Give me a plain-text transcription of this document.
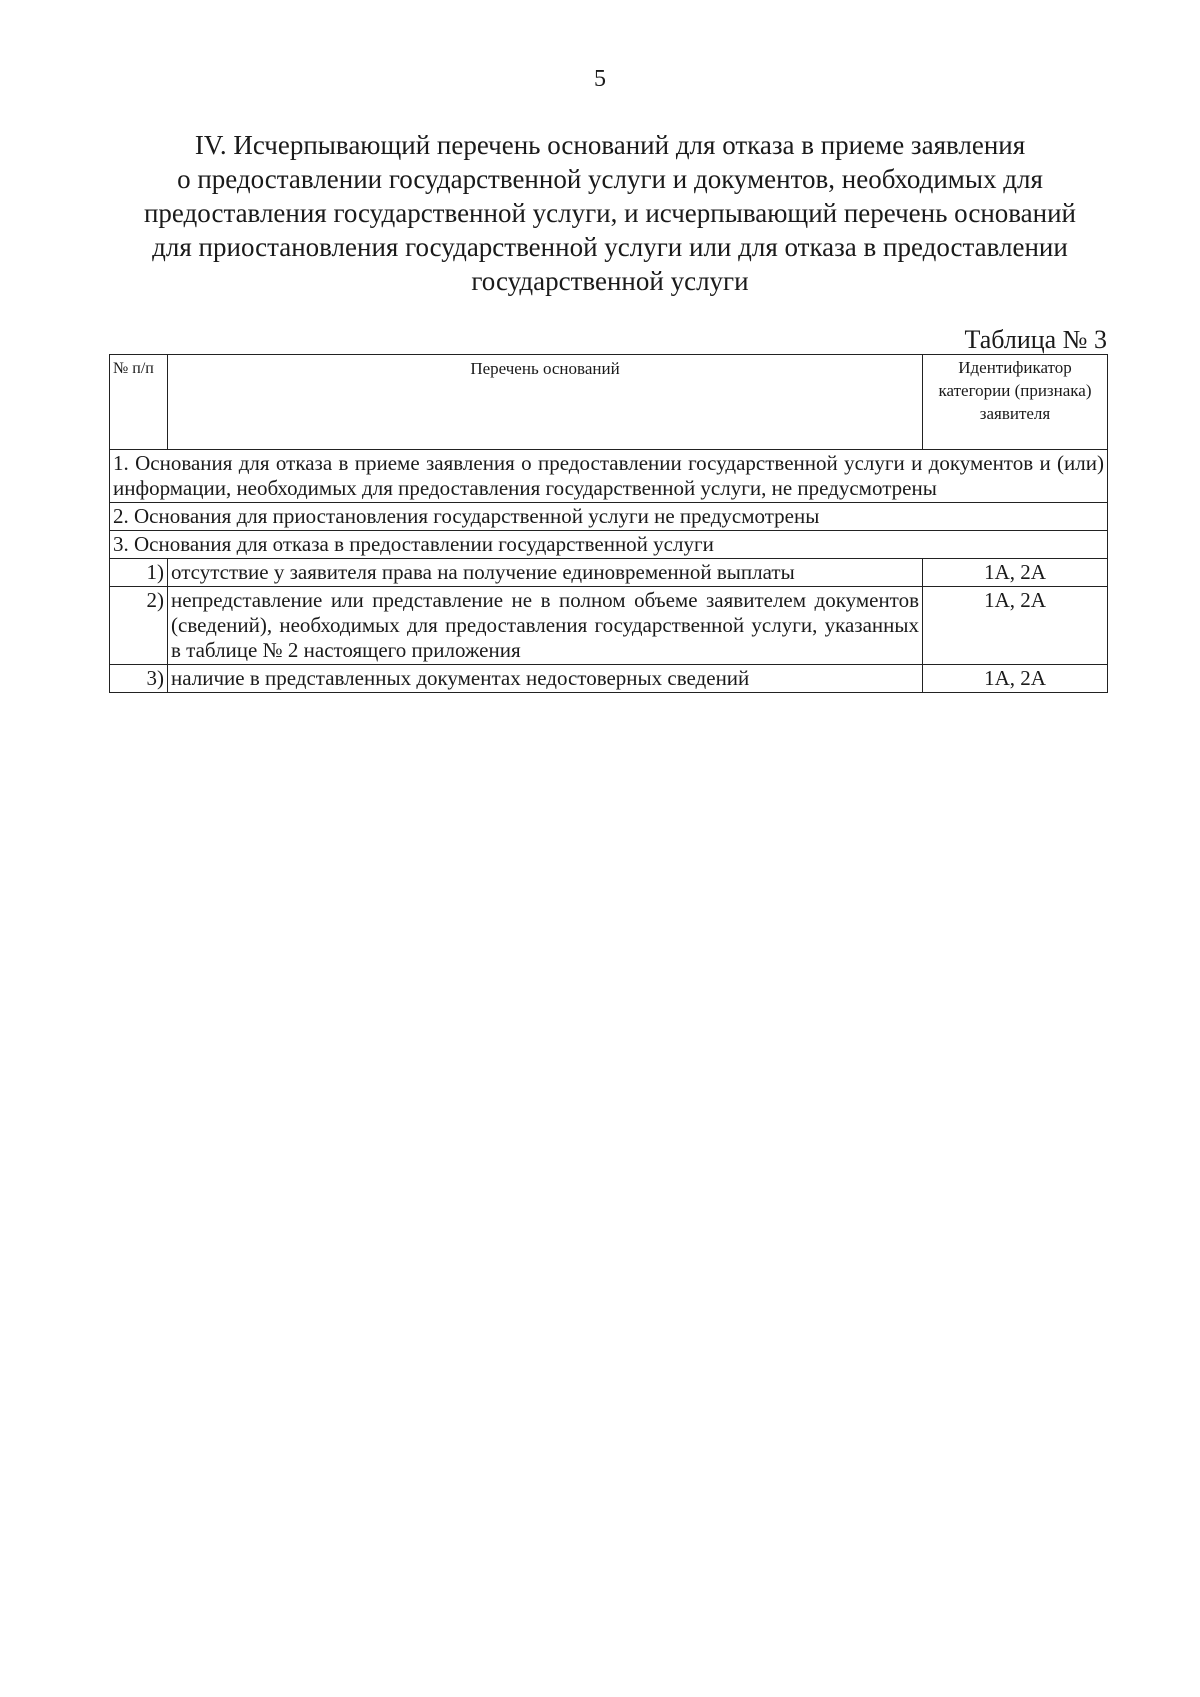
5
IV. Исчерпывающий перечень оснований для отказа в приеме заявления
о предоставлении государственной услуги и документов, необходимых для
предоставления государственной услуги, и исчерпывающий перечень оснований
для приостановления государственной услуги или для отказа в предоставлении
государственной услуги
Таблица № 3
№ п/п	Перечень оснований	Идентификатор категории (признака) заявителя
1. Основания для отказа в приеме заявления о предоставлении государственной услуги и документов и (или) информации, необходимых для предоставления государственной услуги, не предусмотрены		
2. Основания для приостановления государственной услуги не предусмотрены		
3. Основания для отказа в предоставлении государственной услуги		
1)	отсутствие у заявителя права на получение единовременной выплаты	1А, 2А
2)	непредставление или представление не в полном объеме заявителем документов (сведений), необходимых для предоставления государственной услуги, указанных в таблице № 2 настоящего приложения	1А, 2А
3)	наличие в представленных документах недостоверных сведений	1А, 2А
